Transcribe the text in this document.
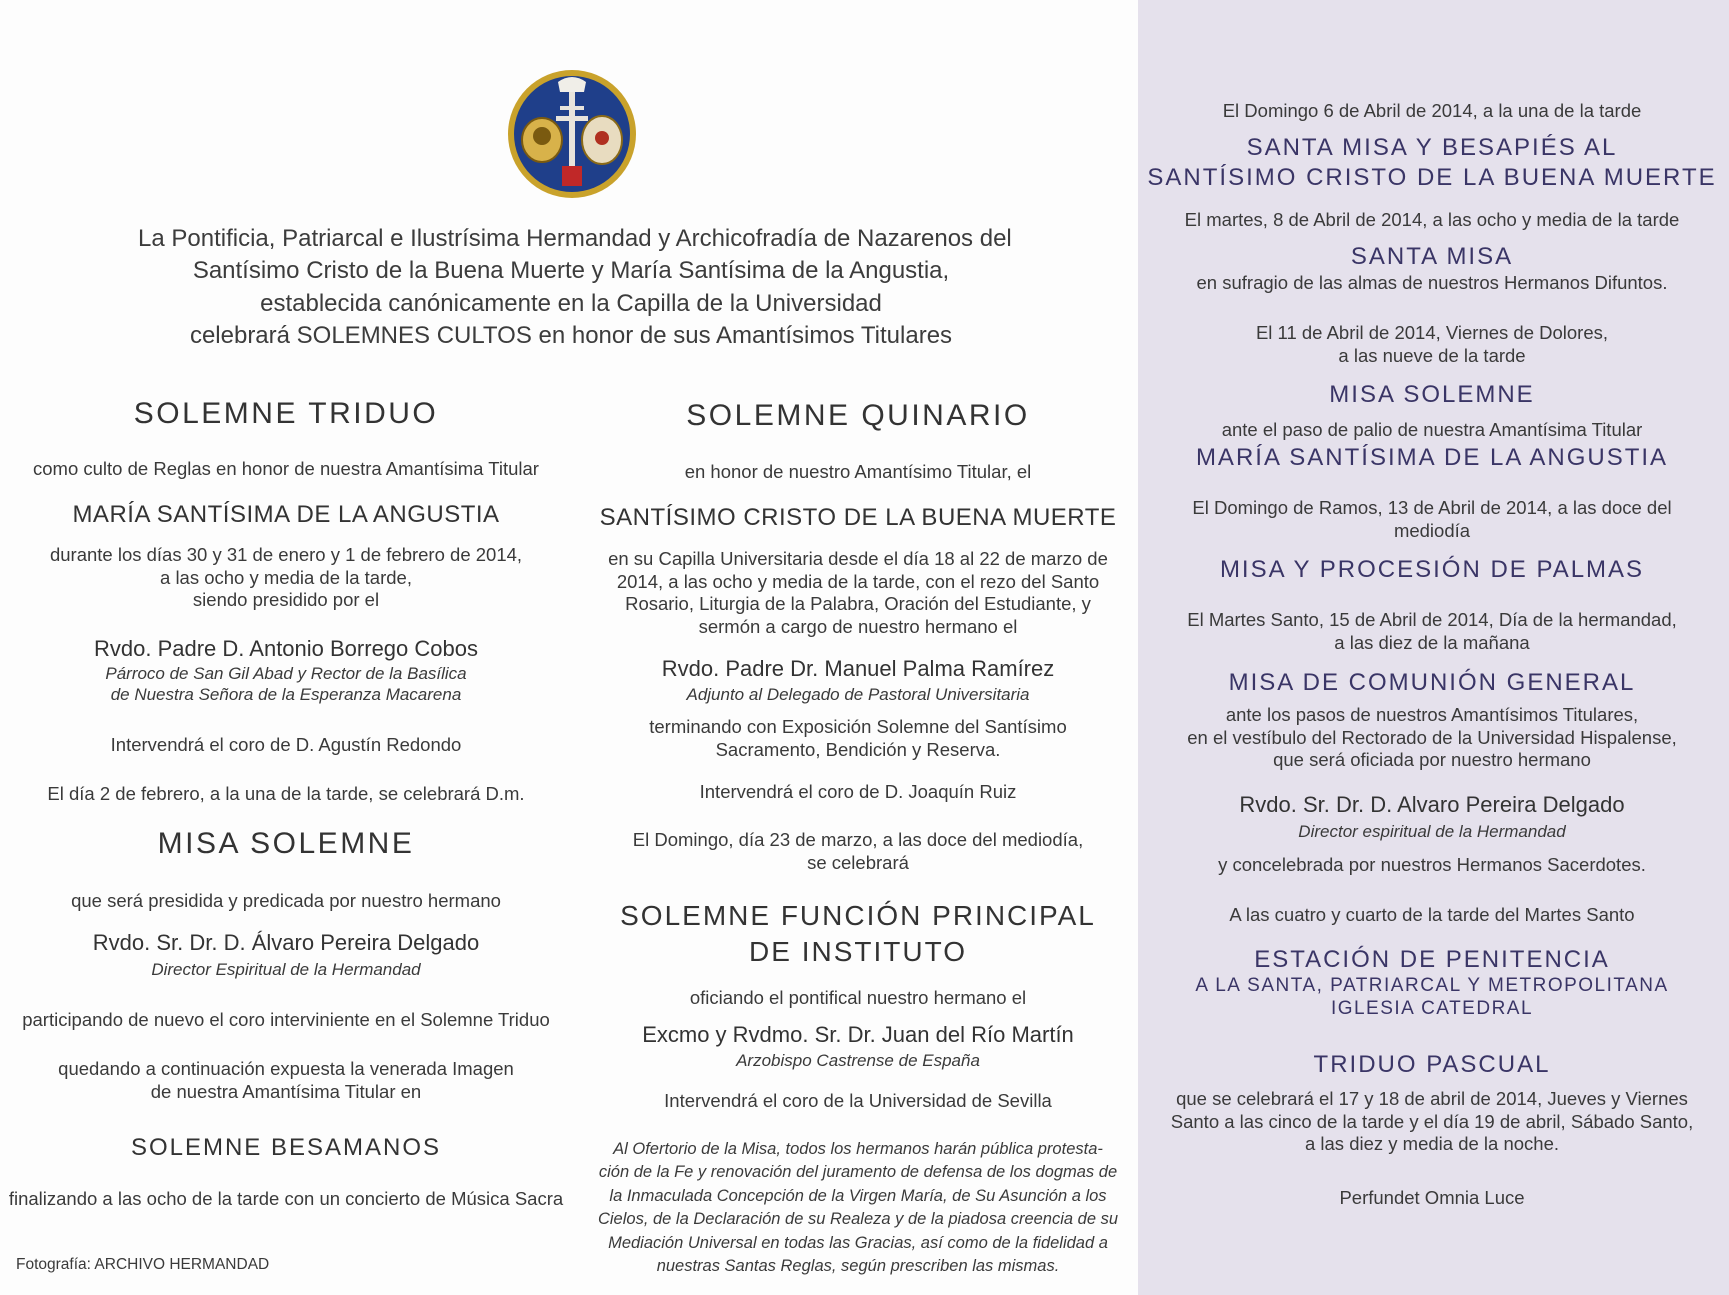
La Pontificia, Patriarcal e Ilustrísima Hermandad y Archicofradía de Nazarenos del
Santísimo Cristo de la Buena Muerte y María Santísima de la Angustia,
establecida canónicamente en la Capilla de la Universidad
celebrará SOLEMNES CULTOS en honor de sus Amantísimos Titulares
SOLEMNE TRIDUO
como culto de Reglas en honor de nuestra Amantísima Titular
MARÍA SANTÍSIMA DE LA ANGUSTIA
durante los días 30 y 31 de enero y 1 de febrero de 2014,
a las ocho y media de la tarde,
siendo presidido por el
Rvdo. Padre D. Antonio Borrego Cobos
Párroco de San Gil Abad y Rector de la Basílica
de Nuestra Señora de la Esperanza Macarena
Intervendrá el coro de D. Agustín Redondo
El día 2 de febrero, a la una de la tarde, se celebrará D.m.
MISA SOLEMNE
que será presidida y predicada por nuestro hermano
Rvdo. Sr. Dr. D. Álvaro Pereira Delgado
Director Espiritual de la Hermandad
participando de nuevo el coro interviniente en el Solemne Triduo
quedando a continuación expuesta la venerada Imagen
de nuestra Amantísima Titular en
SOLEMNE BESAMANOS
finalizando a las ocho de la tarde con un concierto de Música Sacra
Fotografía: ARCHIVO HERMANDAD
SOLEMNE QUINARIO
en honor de nuestro Amantísimo Titular, el
SANTÍSIMO CRISTO DE LA BUENA MUERTE
en su Capilla Universitaria desde el día 18 al 22 de marzo de
2014, a las ocho y media de la tarde, con el rezo del Santo
Rosario, Liturgia de la Palabra, Oración del Estudiante, y
sermón a cargo de nuestro hermano el
Rvdo. Padre Dr. Manuel Palma Ramírez
Adjunto al Delegado de Pastoral Universitaria
terminando con Exposición Solemne del Santísimo
Sacramento, Bendición y Reserva.
Intervendrá el coro de D. Joaquín Ruiz
El Domingo, día 23 de marzo, a las doce del mediodía,
se celebrará
SOLEMNE FUNCIÓN PRINCIPAL
DE INSTITUTO
oficiando el pontifical nuestro hermano el
Excmo y Rvdmo. Sr. Dr. Juan del Río Martín
Arzobispo Castrense de España
Intervendrá el coro de la Universidad de Sevilla
Al Ofertorio de la Misa, todos los hermanos harán pública protesta-
ción de la Fe y renovación del juramento de defensa de los dogmas de
la Inmaculada Concepción de la Virgen María, de Su Asunción a los
Cielos, de la Declaración de su Realeza y de la piadosa creencia de su
Mediación Universal en todas las Gracias, así como de la fidelidad a
nuestras Santas Reglas, según prescriben las mismas.
El Domingo 6 de Abril de 2014, a la una de la tarde
SANTA MISA Y BESAPIÉS AL
SANTÍSIMO CRISTO DE LA BUENA MUERTE
El martes, 8 de Abril de 2014, a las ocho y media de la tarde
SANTA MISA
en sufragio de las almas de nuestros Hermanos Difuntos.
El 11 de Abril de 2014, Viernes de Dolores,
a las nueve de la tarde
MISA SOLEMNE
ante el paso de palio de nuestra Amantísima Titular
MARÍA SANTÍSIMA DE LA ANGUSTIA
El Domingo de Ramos, 13 de Abril de 2014, a las doce del
mediodía
MISA Y PROCESIÓN DE PALMAS
El Martes Santo, 15 de Abril de 2014, Día de la hermandad,
a las diez de la mañana
MISA DE COMUNIÓN GENERAL
ante los pasos de nuestros Amantísimos Titulares,
en el vestíbulo del Rectorado de la Universidad Hispalense,
que será oficiada por nuestro hermano
Rvdo. Sr. Dr. D. Alvaro Pereira Delgado
Director espiritual de la Hermandad
y concelebrada por nuestros Hermanos Sacerdotes.
A las cuatro y cuarto de la tarde del Martes Santo
ESTACIÓN DE PENITENCIA
A LA SANTA, PATRIARCAL Y METROPOLITANA
IGLESIA CATEDRAL
TRIDUO PASCUAL
que se celebrará el 17 y 18 de abril de 2014, Jueves y Viernes
Santo a las cinco de la tarde y el día 19 de abril, Sábado Santo,
a las diez y media de la noche.
Perfundet Omnia Luce
